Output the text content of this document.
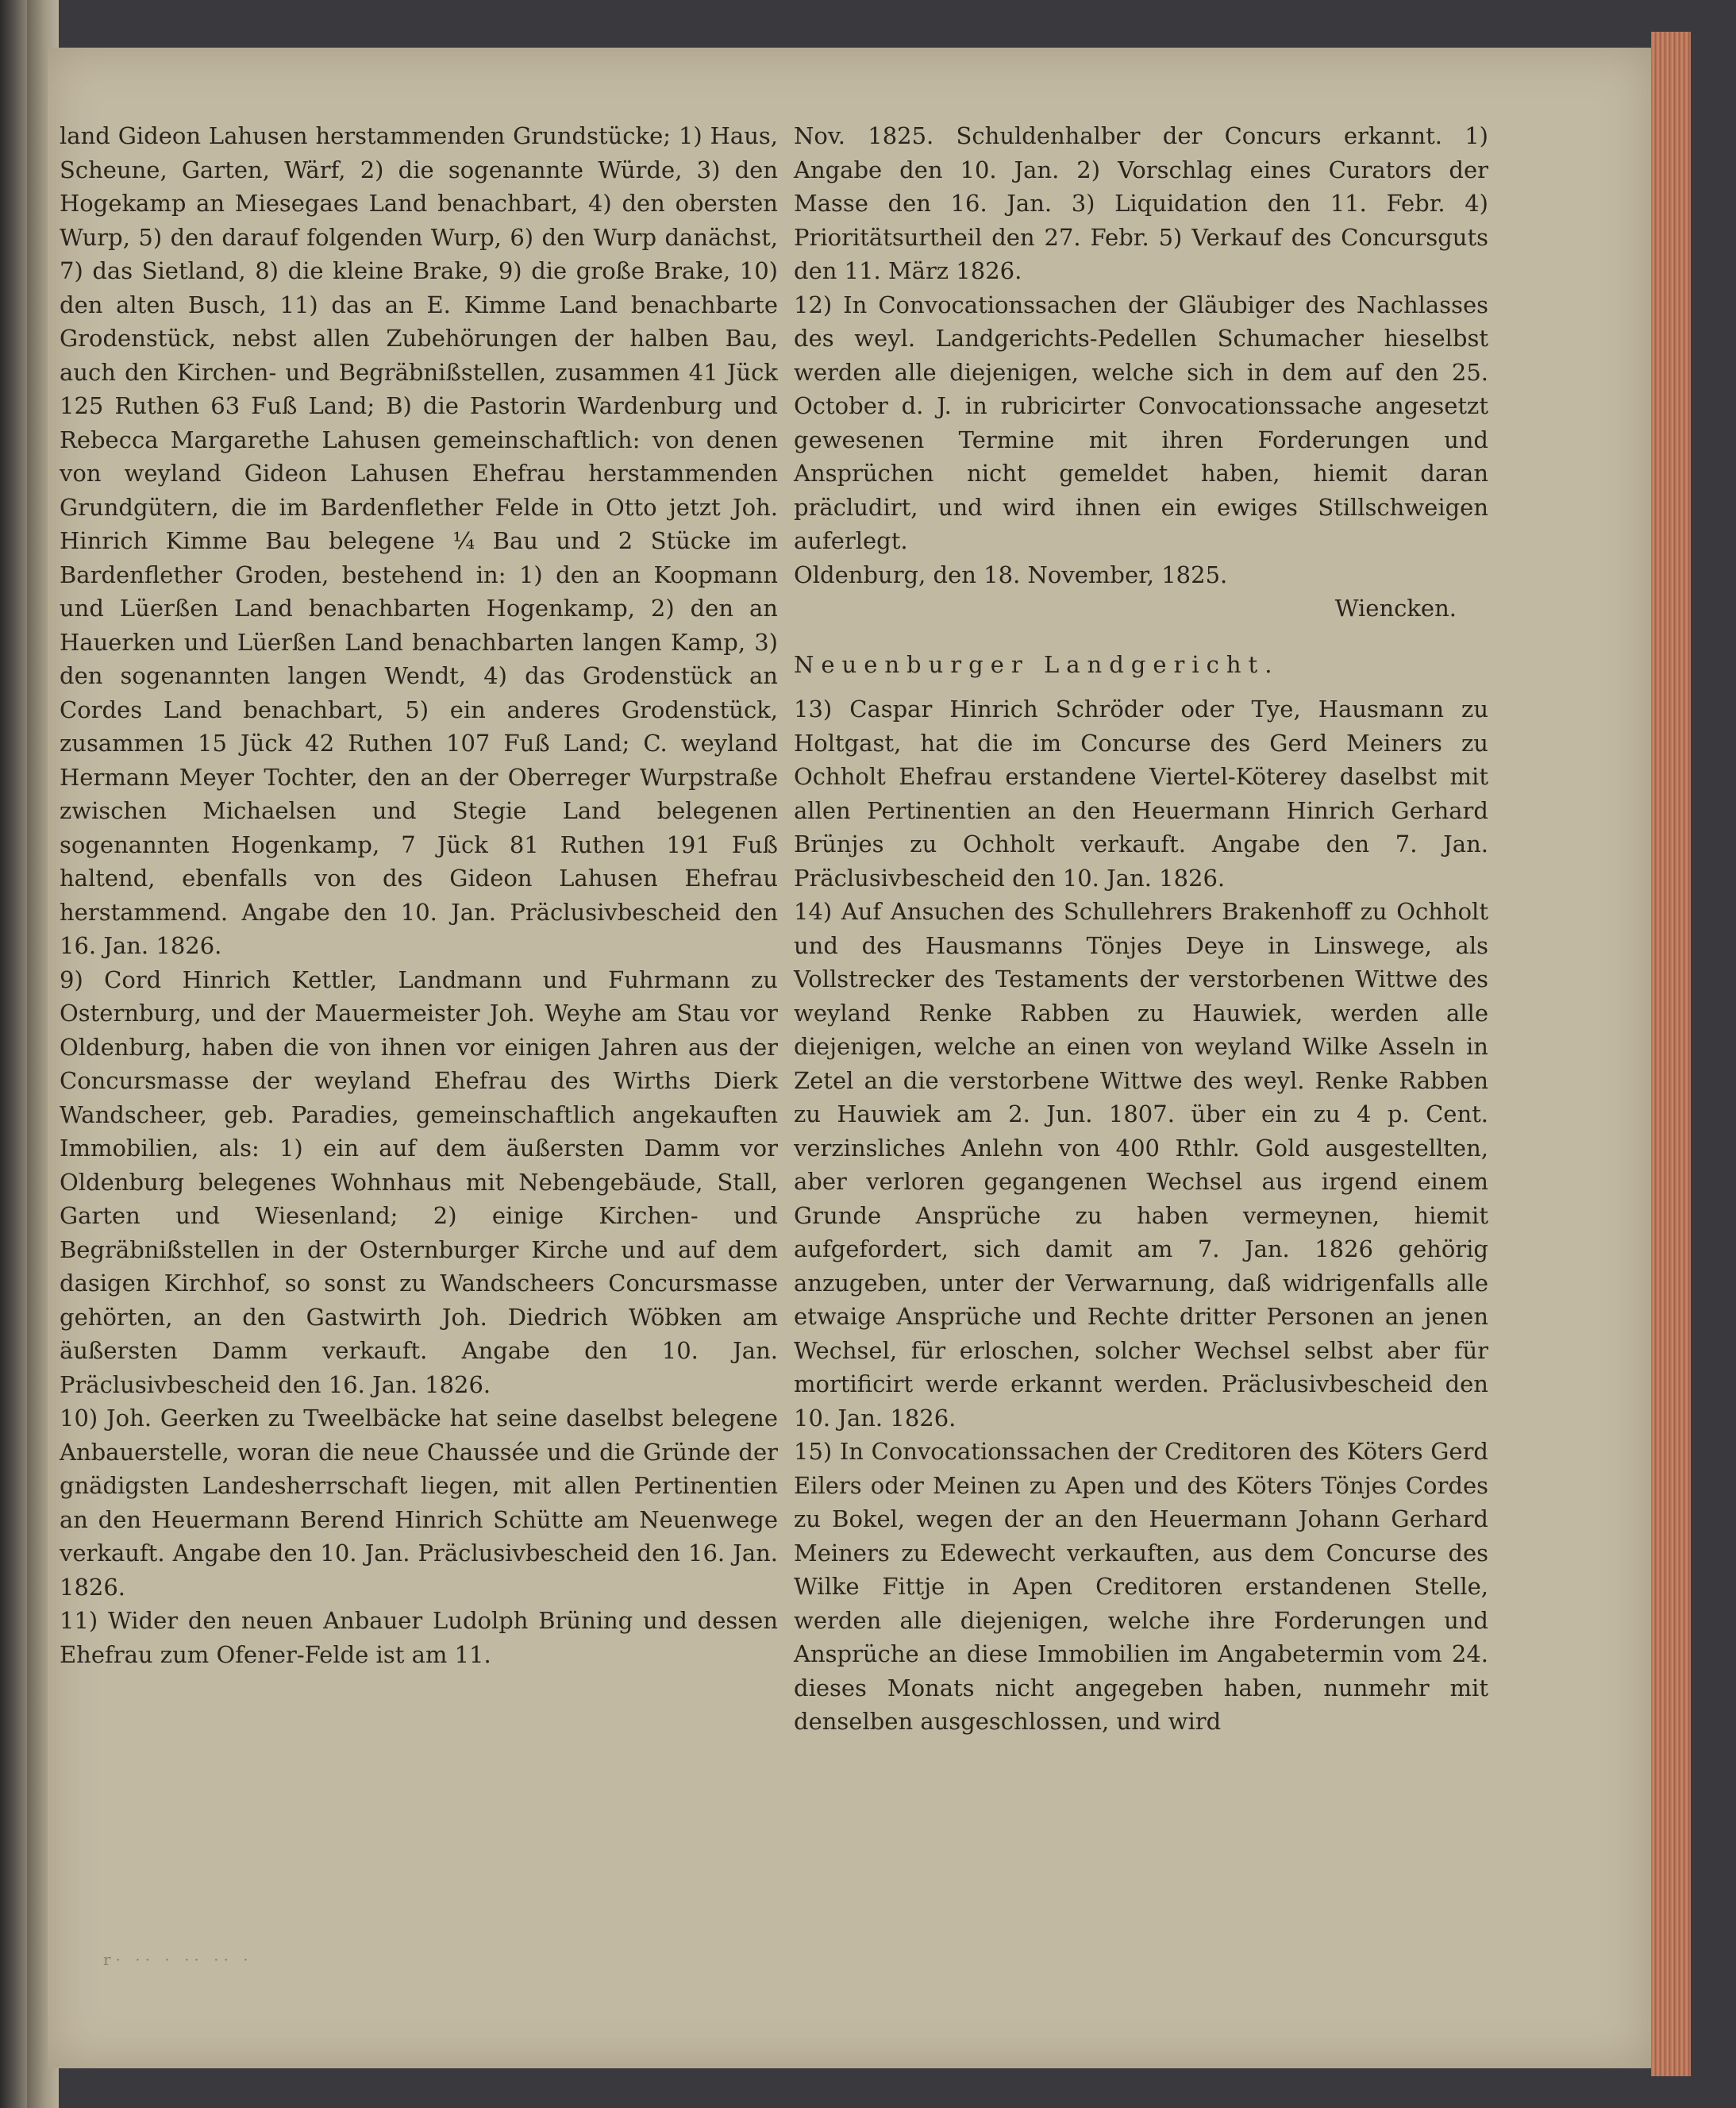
land Gideon Lahusen herstammenden Grundstücke; 1) Haus, Scheune, Garten, Wärf, 2) die sogenannte Würde, 3) den Hogekamp an Miesegaes Land benachbart, 4) den obersten Wurp, 5) den darauf folgenden Wurp, 6) den Wurp danächst, 7) das Sietland, 8) die kleine Brake, 9) die große Brake, 10) den alten Busch, 11) das an E. Kimme Land benachbarte Grodenstück, nebst allen Zubehörungen der halben Bau, auch den Kirchen- und Begräbnißstellen, zusammen 41 Jück 125 Ruthen 63 Fuß Land; B) die Pastorin Wardenburg und Rebecca Margarethe Lahusen gemeinschaftlich: von denen von weyland Gideon Lahusen Ehefrau herstammenden Grundgütern, die im Bardenflether Felde in Otto jetzt Joh. Hinrich Kimme Bau belegene ¼ Bau und 2 Stücke im Bardenflether Groden, bestehend in: 1) den an Koopmann und Lüerßen Land benachbarten Hogenkamp, 2) den an Hauerken und Lüerßen Land benachbarten langen Kamp, 3) den sogenannten langen Wendt, 4) das Grodenstück an Cordes Land benachbart, 5) ein anderes Grodenstück, zusammen 15 Jück 42 Ruthen 107 Fuß Land; C. weyland Hermann Meyer Tochter, den an der Oberreger Wurpstraße zwischen Michaelsen und Stegie Land belegenen sogenannten Hogenkamp, 7 Jück 81 Ruthen 191 Fuß haltend, ebenfalls von des Gideon Lahusen Ehefrau herstammend. Angabe den 10. Jan. Präclusivbescheid den 16. Jan. 1826.

9) Cord Hinrich Kettler, Landmann und Fuhrmann zu Osternburg, und der Mauermeister Joh. Weyhe am Stau vor Oldenburg, haben die von ihnen vor einigen Jahren aus der Concursmasse der weyland Ehefrau des Wirths Dierk Wandscheer, geb. Paradies, gemeinschaftlich angekauften Immobilien, als: 1) ein auf dem äußersten Damm vor Oldenburg belegenes Wohnhaus mit Nebengebäude, Stall, Garten und Wiesenland; 2) einige Kirchen- und Begräbnißstellen in der Osternburger Kirche und auf dem dasigen Kirchhof, so sonst zu Wandscheers Concursmasse gehörten, an den Gastwirth Joh. Diedrich Wöbken am äußersten Damm verkauft. Angabe den 10. Jan. Präclusivbescheid den 16. Jan. 1826.

10) Joh. Geerken zu Tweelbäcke hat seine daselbst belegene Anbauerstelle, woran die neue Chaussée und die Gründe der gnädigsten Landesherrschaft liegen, mit allen Pertinentien an den Heuermann Berend Hinrich Schütte am Neuenwege verkauft. Angabe den 10. Jan. Präclusivbescheid den 16. Jan. 1826.

11) Wider den neuen Anbauer Ludolph Brüning und dessen Ehefrau zum Ofener-Felde ist am 11.

Nov. 1825. Schuldenhalber der Concurs erkannt. 1) Angabe den 10. Jan. 2) Vorschlag eines Curators der Masse den 16. Jan. 3) Liquidation den 11. Febr. 4) Prioritätsurtheil den 27. Febr. 5) Verkauf des Concursguts den 11. März 1826.

12) In Convocationssachen der Gläubiger des Nachlasses des weyl. Landgerichts-Pedellen Schumacher hieselbst werden alle diejenigen, welche sich in dem auf den 25. October d. J. in rubricirter Convocationssache angesetzt gewesenen Termine mit ihren Forderungen und Ansprüchen nicht gemeldet haben, hiemit daran präcludirt, und wird ihnen ein ewiges Stillschweigen auferlegt.

Oldenburg, den 18. November, 1825.

Wiencken.

Neuenburger Landgericht.

13) Caspar Hinrich Schröder oder Tye, Hausmann zu Holtgast, hat die im Concurse des Gerd Meiners zu Ochholt Ehefrau erstandene Viertel-Köterey daselbst mit allen Pertinentien an den Heuermann Hinrich Gerhard Brünjes zu Ochholt verkauft. Angabe den 7. Jan. Präclusivbescheid den 10. Jan. 1826.

14) Auf Ansuchen des Schullehrers Brakenhoff zu Ochholt und des Hausmanns Tönjes Deye in Linswege, als Vollstrecker des Testaments der verstorbenen Wittwe des weyland Renke Rabben zu Hauwiek, werden alle diejenigen, welche an einen von weyland Wilke Asseln in Zetel an die verstorbene Wittwe des weyl. Renke Rabben zu Hauwiek am 2. Jun. 1807. über ein zu 4 p. Cent. verzinsliches Anlehn von 400 Rthlr. Gold ausgestellten, aber verloren gegangenen Wechsel aus irgend einem Grunde Ansprüche zu haben vermeynen, hiemit aufgefordert, sich damit am 7. Jan. 1826 gehörig anzugeben, unter der Verwarnung, daß widrigenfalls alle etwaige Ansprüche und Rechte dritter Personen an jenen Wechsel, für erloschen, solcher Wechsel selbst aber für mortificirt werde erkannt werden. Präclusivbescheid den 10. Jan. 1826.

15) In Convocationssachen der Creditoren des Köters Gerd Eilers oder Meinen zu Apen und des Köters Tönjes Cordes zu Bokel, wegen der an den Heuermann Johann Gerhard Meiners zu Edewecht verkauften, aus dem Concurse des Wilke Fittje in Apen Creditoren erstandenen Stelle, werden alle diejenigen, welche ihre Forderungen und Ansprüche an diese Immobilien im Angabetermin vom 24. dieses Monats nicht angegeben haben, nunmehr mit denselben ausgeschlossen, und wird

r· ·· · ·· ·· ·
